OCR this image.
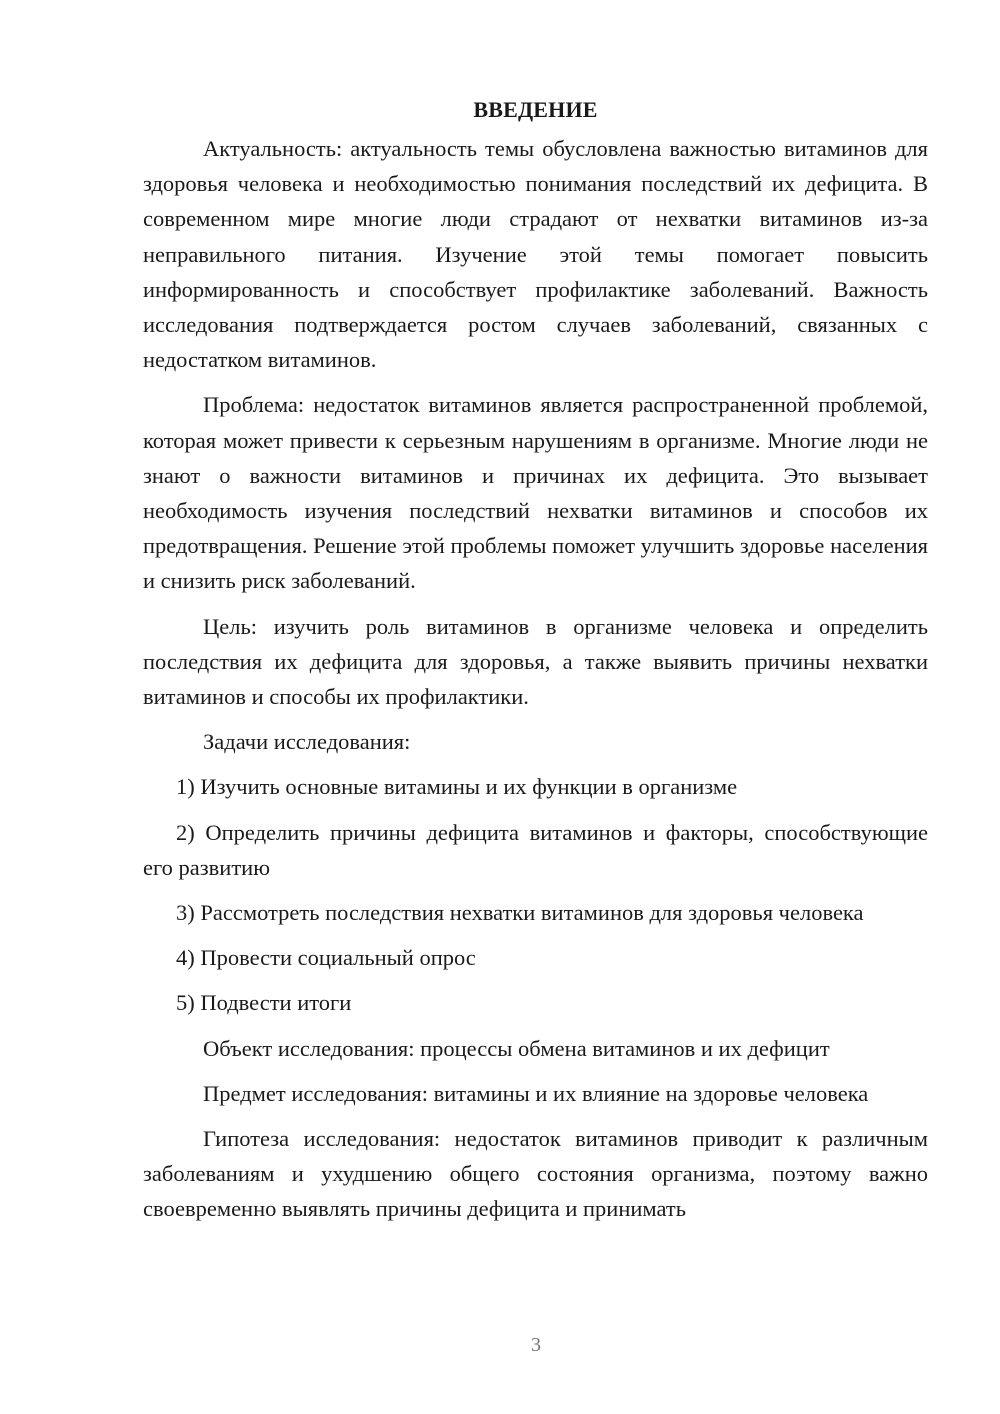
ВВЕДЕНИЕ

Актуальность: актуальность темы обусловлена важностью витаминов для здоровья человека и необходимостью понимания последствий их дефицита. В современном мире многие люди страдают от нехватки витаминов из-за неправильного питания. Изучение этой темы помогает повысить информированность и способствует профилактике заболеваний. Важность исследования подтверждается ростом случаев заболеваний, связанных с недостатком витаминов.

Проблема: недостаток витаминов является распространенной проблемой, которая может привести к серьезным нарушениям в организме. Многие люди не знают о важности витаминов и причинах их дефицита. Это вызывает необходимость изучения последствий нехватки витаминов и способов их предотвращения. Решение этой проблемы поможет улучшить здоровье населения и снизить риск заболеваний.

Цель: изучить роль витаминов в организме человека и определить последствия их дефицита для здоровья, а также выявить причины нехватки витаминов и способы их профилактики.

Задачи исследования:

1) Изучить основные витамины и их функции в организме

2) Определить причины дефицита витаминов и факторы, способствующие его развитию

3) Рассмотреть последствия нехватки витаминов для здоровья человека

4) Провести социальный опрос

5) Подвести итоги

Объект исследования: процессы обмена витаминов и их дефицит

Предмет исследования: витамины и их влияние на здоровье человека

Гипотеза исследования: недостаток витаминов приводит к различным заболеваниям и ухудшению общего состояния организма, поэтому важно своевременно выявлять причины дефицита и принимать

3
